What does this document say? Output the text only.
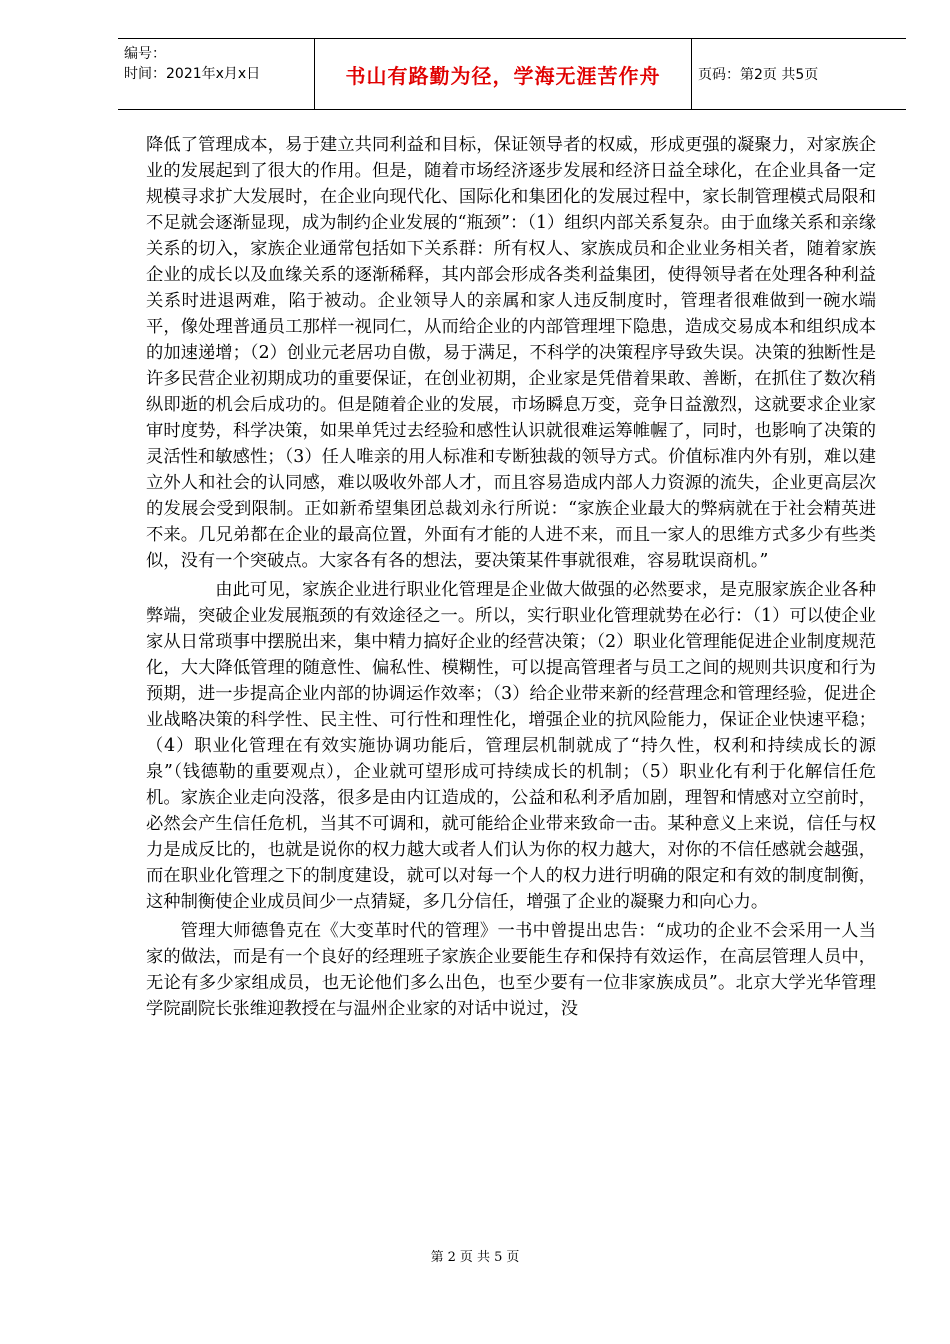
编号：
时间：2021年x月x日	书山有路勤为径，学海无涯苦作舟	页码：第2页 共5页

降低了管理成本，易于建立共同利益和目标，保证领导者的权威，形成更强的凝聚力，对家族企业的发展起到了很大的作用。但是，随着市场经济逐步发展和经济日益全球化，在企业具备一定规模寻求扩大发展时，在企业向现代化、国际化和集团化的发展过程中，家长制管理模式局限和不足就会逐渐显现，成为制约企业发展的“瓶颈”：（1）组织内部关系复杂。由于血缘关系和亲缘关系的切入，家族企业通常包括如下关系群：所有权人、家族成员和企业业务相关者，随着家族企业的成长以及血缘关系的逐渐稀释，其内部会形成各类利益集团，使得领导者在处理各种利益关系时进退两难，陷于被动。企业领导人的亲属和家人违反制度时，管理者很难做到一碗水端平，像处理普通员工那样一视同仁，从而给企业的内部管理埋下隐患，造成交易成本和组织成本的加速递增；（2）创业元老居功自傲，易于满足，不科学的决策程序导致失误。决策的独断性是许多民营企业初期成功的重要保证，在创业初期，企业家是凭借着果敢、善断，在抓住了数次稍纵即逝的机会后成功的。但是随着企业的发展，市场瞬息万变，竞争日益激烈，这就要求企业家审时度势，科学决策，如果单凭过去经验和感性认识就很难运筹帷幄了，同时，也影响了决策的灵活性和敏感性；（3）任人唯亲的用人标准和专断独裁的领导方式。价值标准内外有别，难以建立外人和社会的认同感，难以吸收外部人才，而且容易造成内部人力资源的流失，企业更高层次的发展会受到限制。正如新希望集团总裁刘永行所说：“家族企业最大的弊病就在于社会精英进不来。几兄弟都在企业的最高位置，外面有才能的人进不来，而且一家人的思维方式多少有些类似，没有一个突破点。大家各有各的想法，要决策某件事就很难，容易耽误商机。”

由此可见，家族企业进行职业化管理是企业做大做强的必然要求，是克服家族企业各种弊端，突破企业发展瓶颈的有效途径之一。所以，实行职业化管理就势在必行：（1）可以使企业家从日常琐事中摆脱出来，集中精力搞好企业的经营决策；（2）职业化管理能促进企业制度规范化，大大降低管理的随意性、偏私性、模糊性，可以提高管理者与员工之间的规则共识度和行为预期，进一步提高企业内部的协调运作效率；（3）给企业带来新的经营理念和管理经验，促进企业战略决策的科学性、民主性、可行性和理性化，增强企业的抗风险能力，保证企业快速平稳；（4）职业化管理在有效实施协调功能后，管理层机制就成了“持久性，权利和持续成长的源泉”（钱德勒的重要观点），企业就可望形成可持续成长的机制；（5）职业化有利于化解信任危机。家族企业走向没落，很多是由内讧造成的，公益和私利矛盾加剧，理智和情感对立空前时，必然会产生信任危机，当其不可调和，就可能给企业带来致命一击。某种意义上来说，信任与权力是成反比的，也就是说你的权力越大或者人们认为你的权力越大，对你的不信任感就会越强，而在职业化管理之下的制度建设，就可以对每一个人的权力进行明确的限定和有效的制度制衡，这种制衡使企业成员间少一点猜疑，多几分信任，增强了企业的凝聚力和向心力。

管理大师德鲁克在《大变革时代的管理》一书中曾提出忠告：“成功的企业不会采用一人当家的做法，而是有一个良好的经理班子家族企业要能生存和保持有效运作，在高层管理人员中，无论有多少家组成员，也无论他们多么出色，也至少要有一位非家族成员”。北京大学光华管理学院副院长张维迎教授在与温州企业家的对话中说过，没

第 2 页 共 5 页
